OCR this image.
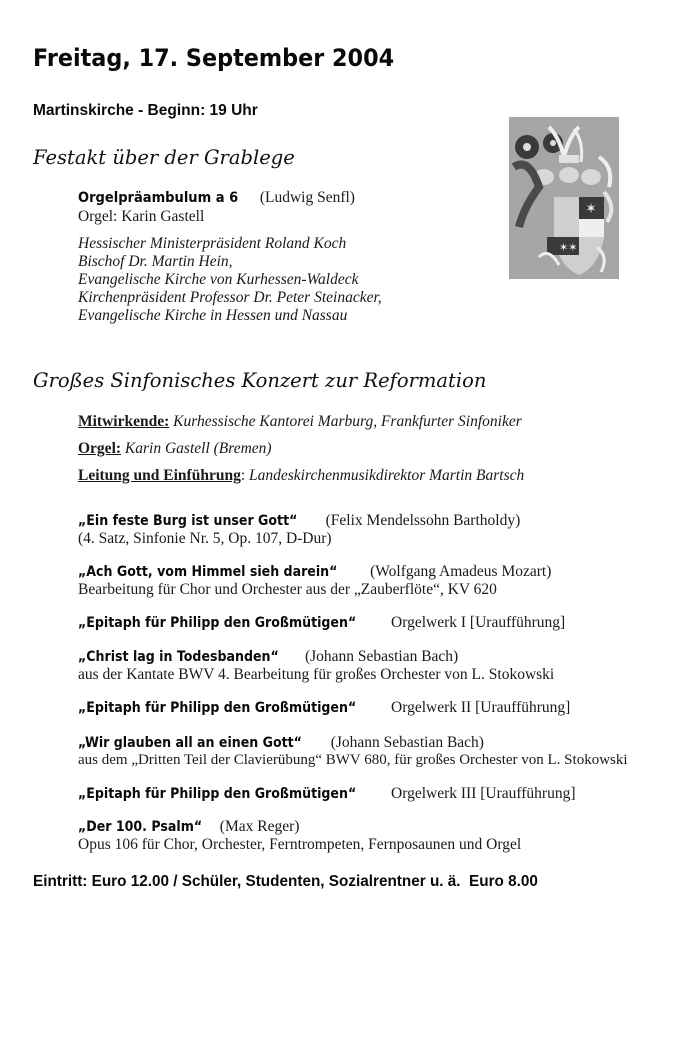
Freitag, 17. September 2004
Martinskirche - Beginn: 19 Uhr
Festakt über der Grablege
Orgelpräambulum a 6 (Ludwig Senfl)
Orgel: Karin Gastell
Hessischer Ministerpräsident Roland Koch
Bischof Dr. Martin Hein,
Evangelische Kirche von Kurhessen-Waldeck
Kirchenpräsident Professor Dr. Peter Steinacker,
Evangelische Kirche in Hessen und Nassau
✶
✶✶
Großes Sinfonisches Konzert zur Reformation
Mitwirkende: Kurhessische Kantorei Marburg, Frankfurter Sinfoniker
Orgel: Karin Gastell (Bremen)
Leitung und Einführung: Landeskirchenmusikdirektor Martin Bartsch
„Ein feste Burg ist unser Gott“ (Felix Mendelssohn Bartholdy)
(4. Satz, Sinfonie Nr. 5, Op. 107, D-Dur)
„Ach Gott, vom Himmel sieh darein“ (Wolfgang Amadeus Mozart)
Bearbeitung für Chor und Orchester aus der „Zauberflöte“, KV 620
„Epitaph für Philipp den Großmütigen“ Orgelwerk I [Uraufführung]
„Christ lag in Todesbanden“ (Johann Sebastian Bach)
aus der Kantate BWV 4. Bearbeitung für großes Orchester von L. Stokowski
„Epitaph für Philipp den Großmütigen“ Orgelwerk II [Uraufführung]
„Wir glauben all an einen Gott“ (Johann Sebastian Bach)
aus dem „Dritten Teil der Clavierübung“ BWV 680, für großes Orchester von L. Stokowski
„Epitaph für Philipp den Großmütigen“ Orgelwerk III [Uraufführung]
„Der 100. Psalm“ (Max Reger)
Opus 106 für Chor, Orchester, Ferntrompeten, Fernposaunen und Orgel
Eintritt: Euro 12.00 / Schüler, Studenten, Sozialrentner u. ä.  Euro 8.00
